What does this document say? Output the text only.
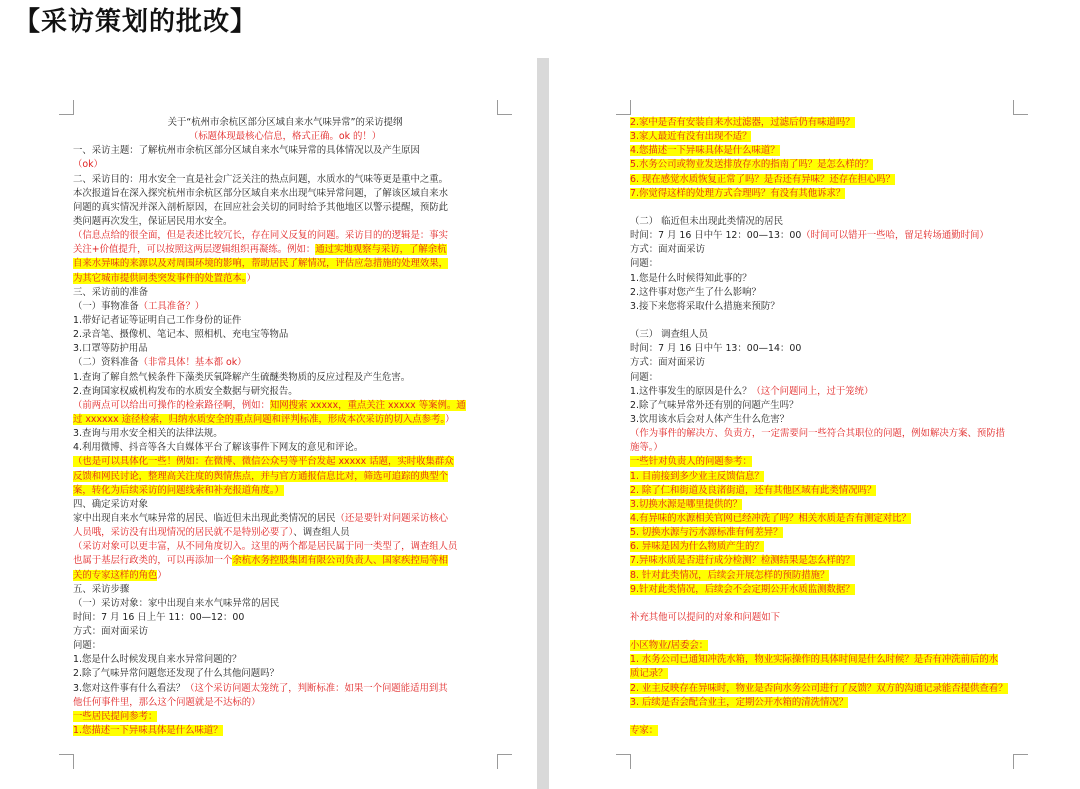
【采访策划的批改】
关于“杭州市余杭区部分区域自来水气味异常”的采访提纲
（标题体现最核心信息，格式正确。ok 的！）
一、采访主题：了解杭州市余杭区部分区域自来水气味异常的具体情况以及产生原因
（ok）
二、采访目的：用水安全一直是社会广泛关注的热点问题，水质水的气味等更是重中之重。
本次报道旨在深入探究杭州市余杭区部分区域自来水出现气味异常问题，了解该区域自来水
问题的真实情况并深入剖析原因，在回应社会关切的同时给予其他地区以警示提醒，预防此
类问题再次发生，保证居民用水安全。
（信息点给的很全面，但是表述比较冗长，存在同义反复的问题。采访目的的逻辑是：事实
关注+价值提升，可以按照这两层逻辑组织再凝练。例如：通过实地观察与采访，了解余杭
自来水异味的来源以及对周围环境的影响，帮助居民了解情况，评估应急措施的处理效果，
为其它城市提供同类突发事件的处置范本。）
三、采访前的准备
（一）事物准备（工具准备？）
1.带好记者证等证明自己工作身份的证件
2.录音笔、摄像机、笔记本、照相机、充电宝等物品
3.口罩等防护用品
（二）资料准备（非常具体！基本都 ok）
1.查询了解自然气候条件下藻类厌氧降解产生硫醚类物质的反应过程及产生危害。
2.查询国家权威机构发布的水质安全数据与研究报告。
（前两点可以给出可操作的检索路径啊，例如：知网搜索 xxxxx，重点关注 xxxxx 等案例。通
过 xxxxxx 途径检索，归纳水质安全的重点问题和评判标准，形成本次采访的切入点参考。）
3.查询与用水安全相关的法律法规。
4.利用微博、抖音等各大自媒体平台了解该事件下网友的意见和评论。
（也是可以具体化一些！例如：在微博、微信公众号等平台发起 xxxxx 话题，实时收集群众
反馈和网民讨论，整理高关注度的舆情焦点，并与官方通报信息比对，筛选可追踪的典型个
案，转化为后续采访的问题线索和补充报道角度。）
四、确定采访对象
家中出现自来水气味异常的居民、临近但未出现此类情况的居民（还是要针对问题采访核心
人员哦，采访没有出现情况的居民就不是特别必要了）、调查组人员
（采访对象可以更丰富，从不同角度切入。这里的两个都是居民属于同一类型了，调查组人员
也属于基层行政类的，可以再添加一个余杭水务控股集团有限公司负责人、国家疾控局等相
关的专家这样的角色）
五、采访步骤
（一）采访对象：家中出现自来水气味异常的居民
时间：7 月 16 日上午 11：00—12：00
方式：面对面采访
问题：
1.您是什么时候发现自来水异常问题的？
2.除了气味异常问题您还发现了什么其他问题吗？
3.您对这件事有什么看法？（这个采访问题太笼统了，判断标准：如果一个问题能适用到其
他任何事件里，那么这个问题就是不达标的）
一些居民提问参考：
1.您描述一下异味具体是什么味道？
2.家中是否有安装自来水过滤器，过滤后仍有味道吗？
3.家人最近有没有出现不适？
4.您描述一下异味具体是什么味道？
5.水务公司或物业发送排放存水的指南了吗？是怎么样的？
6. 现在感觉水质恢复正常了吗？是否还有异味？还存在担心吗？
7.你觉得这样的处理方式合理吗？有没有其他诉求？
（二） 临近但未出现此类情况的居民
时间：7 月 16 日中午 12：00—13：00（时间可以错开一些哈，留足转场通勤时间）
方式：面对面采访
问题：
1.您是什么时候得知此事的？
2.这件事对您产生了什么影响？
3.接下来您将采取什么措施来预防？
（三） 调查组人员
时间：7 月 16 日中午 13：00—14：00
方式：面对面采访
问题：
1.这件事发生的原因是什么？（这个问题同上，过于笼统）
2.除了气味异常外还有别的问题产生吗？
3.饮用该水后会对人体产生什么危害？
（作为事件的解决方、负责方，一定需要问一些符合其职位的问题，例如解决方案、预防措
施等。）
一些针对负责人的问题参考：
1. 目前接到多少业主反馈信息？
2. 除了仁和街道及良渚街道，还有其他区域有此类情况吗？
3.切换水源是哪里提供的？
4.有异味的水源相关官网已经冲洗了吗？相关水质是否有测定对比？
5. 切换水源与污水源标准有何差异？
6. 异味是因为什么物质产生的？
7.异味水质是否进行成分检测？检测结果是怎么样的？
8. 针对此类情况，后续会开展怎样的预防措施？
9.针对此类情况，后续会不会定期公开水质监测数据？
补充其他可以提问的对象和问题如下
小区物业/居委会：
1. 水务公司已通知冲洗水箱，物业实际操作的具体时间是什么时候？是否有冲洗前后的水
质记录？
2. 业主反映存在异味时，物业是否向水务公司进行了反馈？双方的沟通记录能否提供查看？
3. 后续是否会配合业主，定期公开水箱的清洗情况？
专家：
